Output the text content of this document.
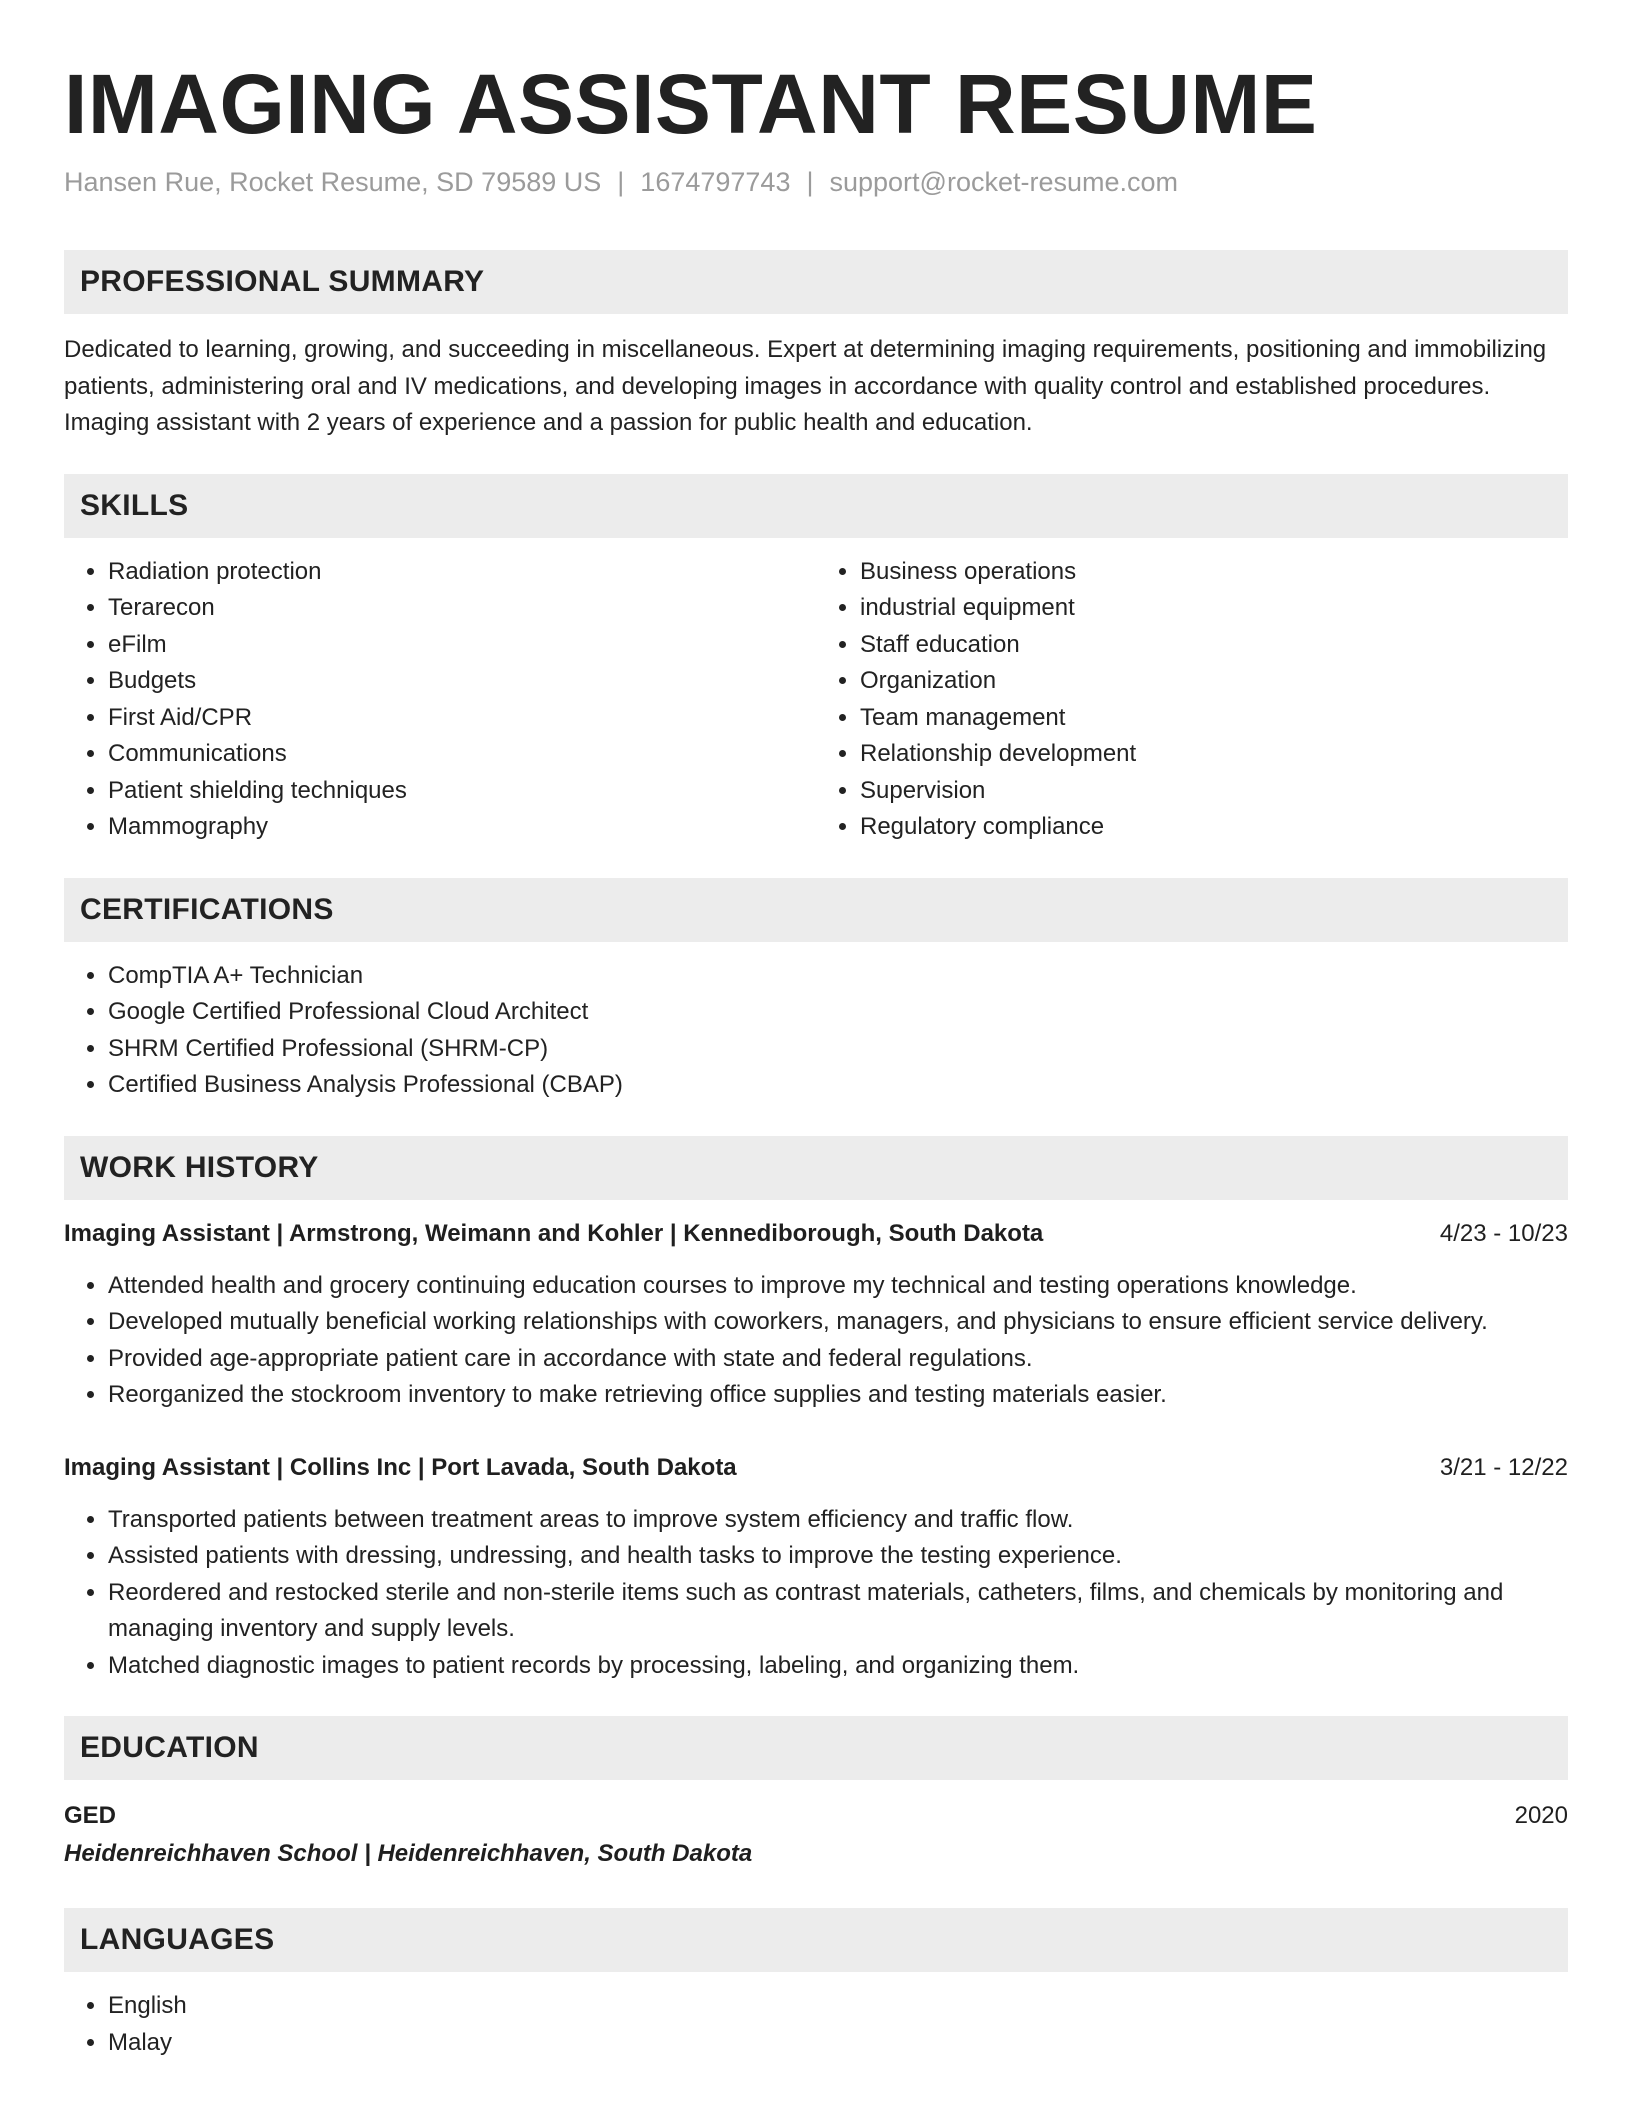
IMAGING ASSISTANT RESUME
Hansen Rue, Rocket Resume, SD 79589 US | 1674797743 | support@rocket-resume.com
PROFESSIONAL SUMMARY

Dedicated to learning, growing, and succeeding in miscellaneous. Expert at determining imaging requirements, positioning and immobilizing patients, administering oral and IV medications, and developing images in accordance with quality control and established procedures. Imaging assistant with 2 years of experience and a passion for public health and education.

SKILLS
• Radiation protection
• Terarecon
• eFilm
• Budgets
• First Aid/CPR
• Communications
• Patient shielding techniques
• Mammography
• Business operations
• industrial equipment
• Staff education
• Organization
• Team management
• Relationship development
• Supervision
• Regulatory compliance
CERTIFICATIONS
• CompTIA A+ Technician
• Google Certified Professional Cloud Architect
• SHRM Certified Professional (SHRM-CP)
• Certified Business Analysis Professional (CBAP)
WORK HISTORY
Imaging Assistant | Armstrong, Weimann and Kohler | Kennediborough, South Dakota	4/23 - 10/23
• Attended health and grocery continuing education courses to improve my technical and testing operations knowledge.
• Developed mutually beneficial working relationships with coworkers, managers, and physicians to ensure efficient service delivery.
• Provided age-appropriate patient care in accordance with state and federal regulations.
• Reorganized the stockroom inventory to make retrieving office supplies and testing materials easier.
Imaging Assistant | Collins Inc | Port Lavada, South Dakota	3/21 - 12/22
• Transported patients between treatment areas to improve system efficiency and traffic flow.
• Assisted patients with dressing, undressing, and health tasks to improve the testing experience.
• Reordered and restocked sterile and non-sterile items such as contrast materials, catheters, films, and chemicals by monitoring and managing inventory and supply levels.
• Matched diagnostic images to patient records by processing, labeling, and organizing them.
EDUCATION
GED	2020
Heidenreichhaven School | Heidenreichhaven, South Dakota
LANGUAGES
• English
• Malay
